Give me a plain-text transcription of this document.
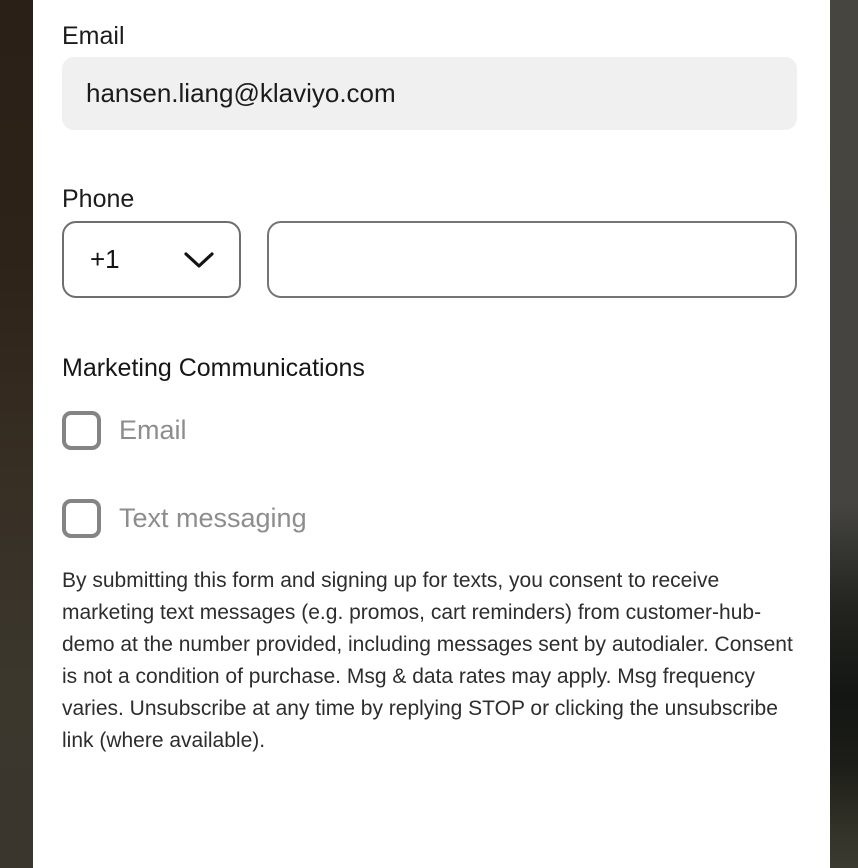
Email
hansen.liang@klaviyo.com
Phone
+1
Marketing Communications
Email
Text messaging
By submitting this form and signing up for texts, you consent to receive marketing text messages (e.g. promos, cart reminders) from customer-hub-demo at the number provided, including messages sent by autodialer. Consent is not a condition of purchase. Msg & data rates may apply. Msg frequency varies. Unsubscribe at any time by replying STOP or clicking the unsubscribe link (where available).
